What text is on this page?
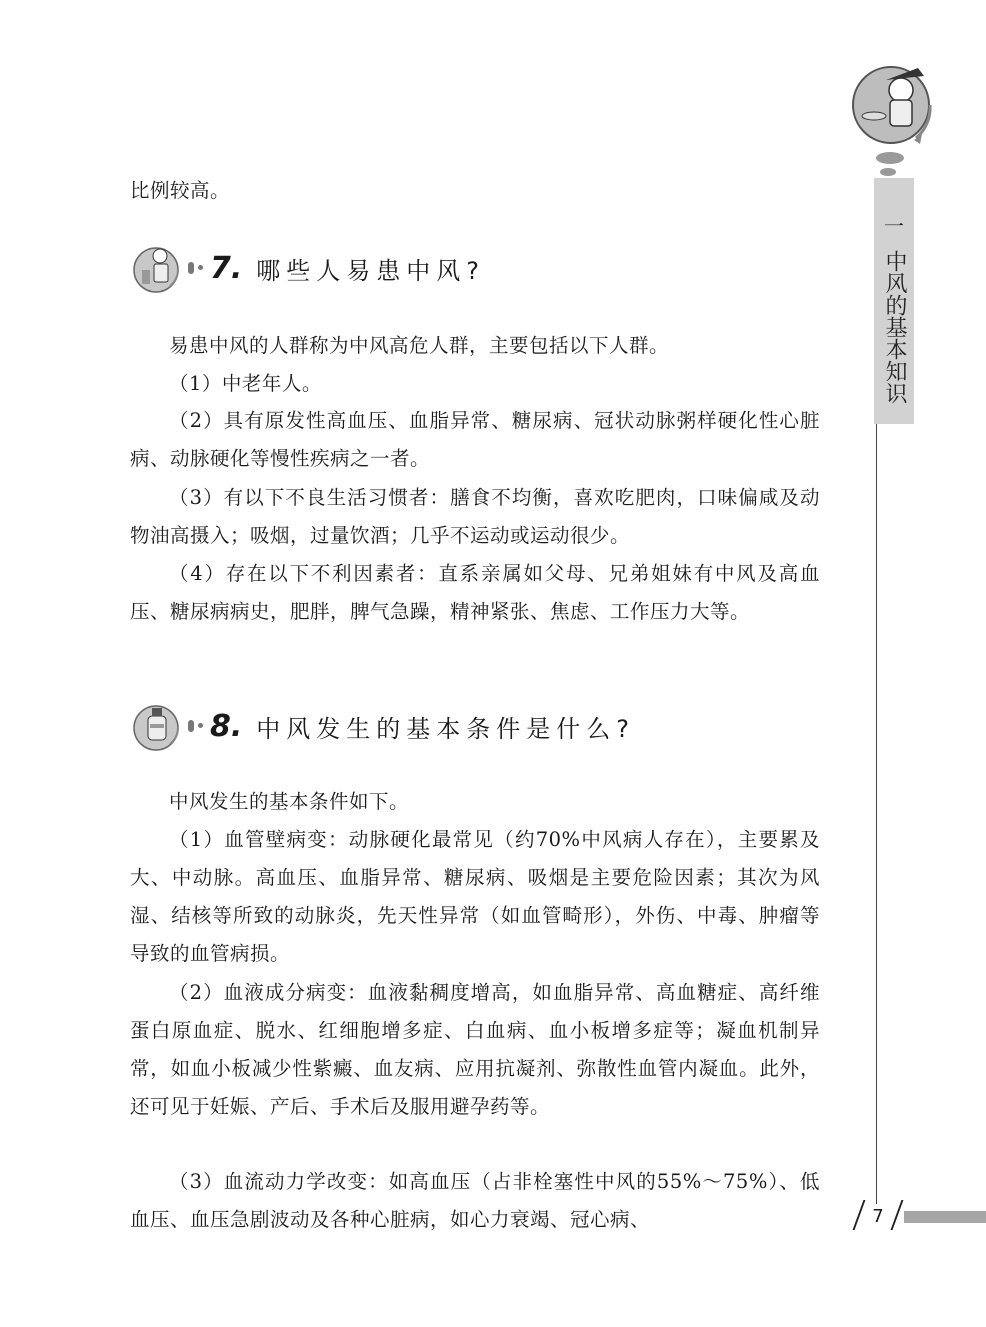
一
中风的基本知识

比例较高。

7. 哪些人易患中风?

易患中风的人群称为中风高危人群，主要包括以下人群。

（1）中老年人。

（2）具有原发性高血压、血脂异常、糖尿病、冠状动脉粥样硬化性心脏病、动脉硬化等慢性疾病之一者。

（3）有以下不良生活习惯者：膳食不均衡，喜欢吃肥肉，口味偏咸及动物油高摄入；吸烟，过量饮酒；几乎不运动或运动很少。

（4）存在以下不利因素者：直系亲属如父母、兄弟姐妹有中风及高血压、糖尿病病史，肥胖，脾气急躁，精神紧张、焦虑、工作压力大等。

8. 中风发生的基本条件是什么?

中风发生的基本条件如下。

（1）血管壁病变：动脉硬化最常见（约70%中风病人存在），主要累及大、中动脉。高血压、血脂异常、糖尿病、吸烟是主要危险因素；其次为风湿、结核等所致的动脉炎，先天性异常（如血管畸形），外伤、中毒、肿瘤等导致的血管病损。

（2）血液成分病变：血液黏稠度增高，如血脂异常、高血糖症、高纤维蛋白原血症、脱水、红细胞增多症、白血病、血小板增多症等；凝血机制异常，如血小板减少性紫癜、血友病、应用抗凝剂、弥散性血管内凝血。此外，还可见于妊娠、产后、手术后及服用避孕药等。

（3）血流动力学改变：如高血压（占非栓塞性中风的55%～75%）、低血压、血压急剧波动及各种心脏病，如心力衰竭、冠心病、	7
